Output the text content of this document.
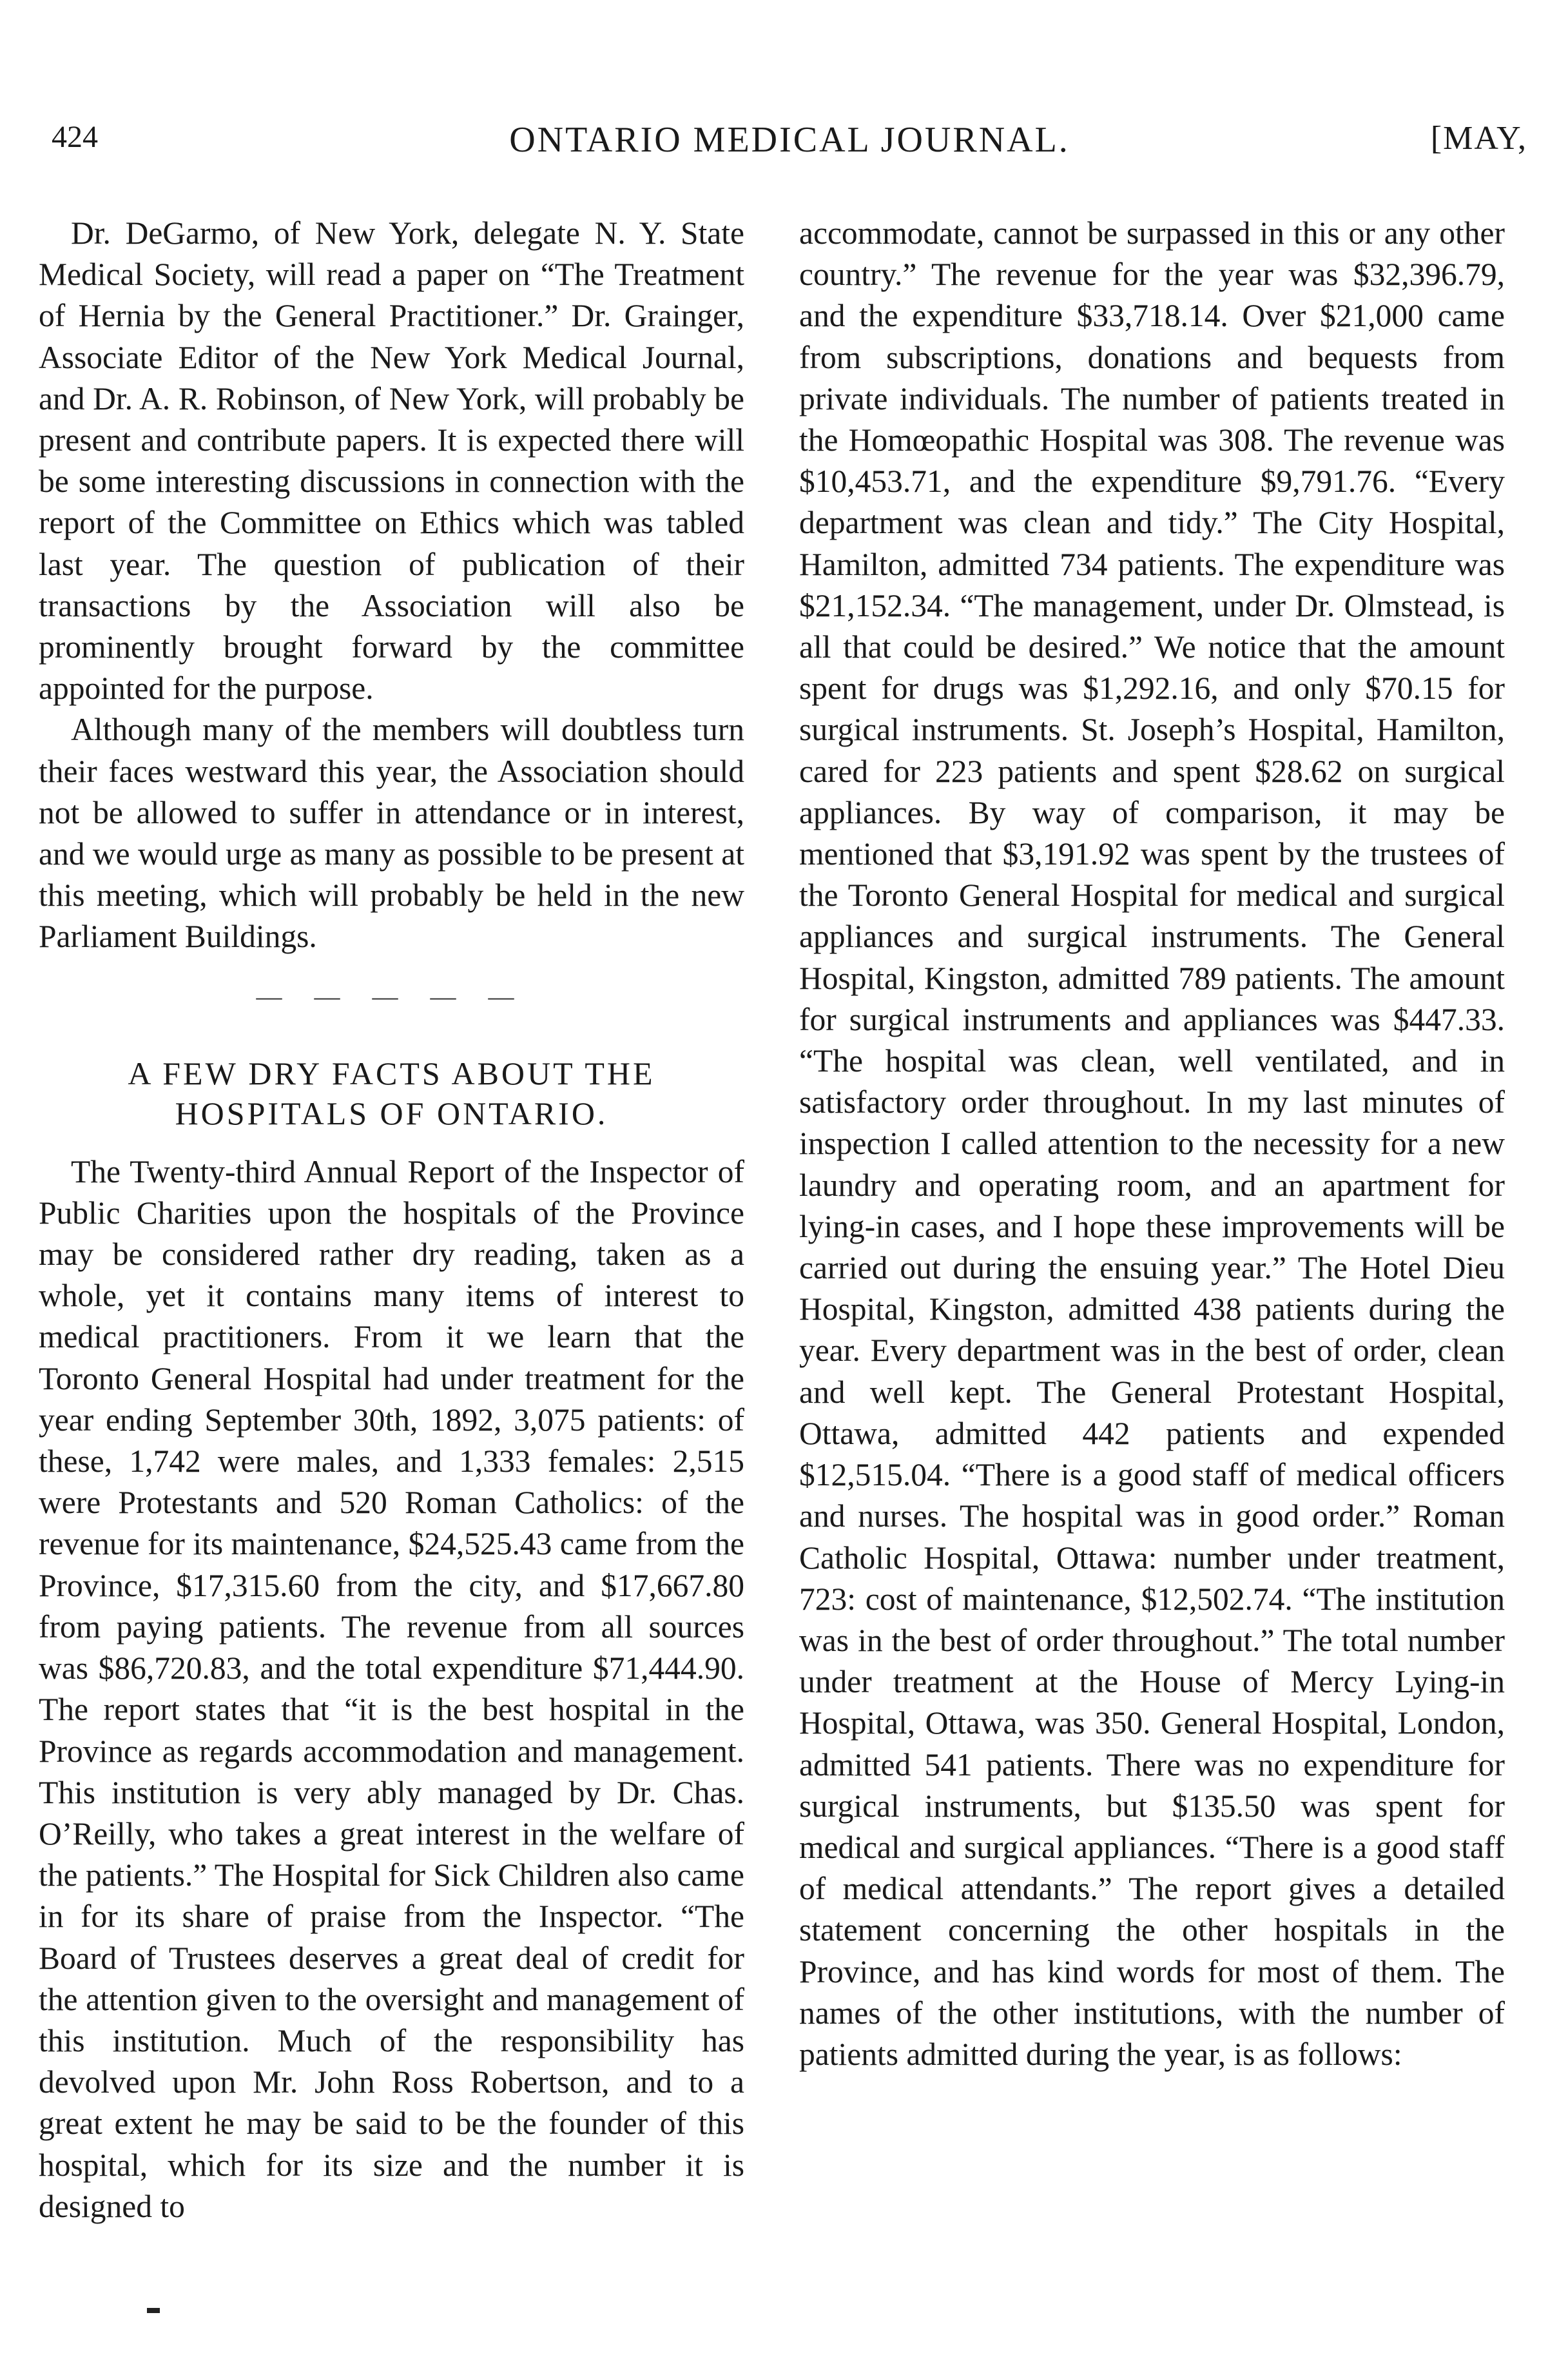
424	ONTARIO MEDICAL JOURNAL.	[MAY,

Dr. DeGarmo, of New York, delegate N. Y. State Medical Society, will read a paper on “The Treatment of Hernia by the General Practitioner.” Dr. Grainger, Associate Editor of the New York Medical Journal, and Dr. A. R. Robinson, of New York, will probably be present and contribute papers. It is expected there will be some interesting discussions in connection with the report of the Committee on Ethics which was tabled last year. The question of publication of their transactions by the Association will also be prominently brought forward by the committee appointed for the purpose.

Although many of the members will doubtless turn their faces westward this year, the Association should not be allowed to suffer in attendance or in interest, and we would urge as many as possible to be present at this meeting, which will probably be held in the new Parliament Buildings.

— — — — —
A FEW DRY FACTS ABOUT THE HOSPITALS OF ONTARIO.

The Twenty-third Annual Report of the Inspector of Public Charities upon the hospitals of the Province may be considered rather dry reading, taken as a whole, yet it contains many items of interest to medical practitioners. From it we learn that the Toronto General Hospital had under treatment for the year ending September 30th, 1892, 3,075 patients: of these, 1,742 were males, and 1,333 females: 2,515 were Protestants and 520 Roman Catholics: of the revenue for its maintenance, $24,525.43 came from the Province, $17,315.60 from the city, and $17,667.80 from paying patients. The revenue from all sources was $86,720.83, and the total expenditure $71,444.90. The report states that “it is the best hospital in the Province as regards accommodation and management. This institution is very ably managed by Dr. Chas. O’Reilly, who takes a great interest in the welfare of the patients.” The Hospital for Sick Children also came in for its share of praise from the Inspector. “The Board of Trustees deserves a great deal of credit for the attention given to the oversight and management of this institution. Much of the responsibility has devolved upon Mr. John Ross Robertson, and to a great extent he may be said to be the founder of this hospital, which for its size and the number it is designed to

accommodate, cannot be surpassed in this or any other country.” The revenue for the year was $32,396.79, and the expenditure $33,718.14. Over $21,000 came from subscriptions, donations and bequests from private individuals. The number of patients treated in the Homœopathic Hospital was 308. The revenue was $10,453.71, and the expenditure $9,791.76. “Every department was clean and tidy.” The City Hospital, Hamilton, admitted 734 patients. The expenditure was $21,152.34. “The management, under Dr. Olmstead, is all that could be desired.” We notice that the amount spent for drugs was $1,292.16, and only $70.15 for surgical instruments. St. Joseph’s Hospital, Hamilton, cared for 223 patients and spent $28.62 on surgical appliances. By way of comparison, it may be mentioned that $3,191.92 was spent by the trustees of the Toronto General Hospital for medical and surgical appliances and surgical instruments. The General Hospital, Kingston, admitted 789 patients. The amount for surgical instruments and appliances was $447.33. “The hospital was clean, well ventilated, and in satisfactory order throughout. In my last minutes of inspection I called attention to the necessity for a new laundry and operating room, and an apartment for lying-in cases, and I hope these improvements will be carried out during the ensuing year.” The Hotel Dieu Hospital, Kingston, admitted 438 patients during the year. Every department was in the best of order, clean and well kept. The General Protestant Hospital, Ottawa, admitted 442 patients and expended $12,515.04. “There is a good staff of medical officers and nurses. The hospital was in good order.” Roman Catholic Hospital, Ottawa: number under treatment, 723: cost of maintenance, $12,502.74. “The institution was in the best of order throughout.” The total number under treatment at the House of Mercy Lying-in Hospital, Ottawa, was 350. General Hospital, London, admitted 541 patients. There was no expenditure for surgical instruments, but $135.50 was spent for medical and surgical appliances. “There is a good staff of medical attendants.” The report gives a detailed statement concerning the other hospitals in the Province, and has kind words for most of them. The names of the other institutions, with the number of patients admitted during the year, is as follows:
